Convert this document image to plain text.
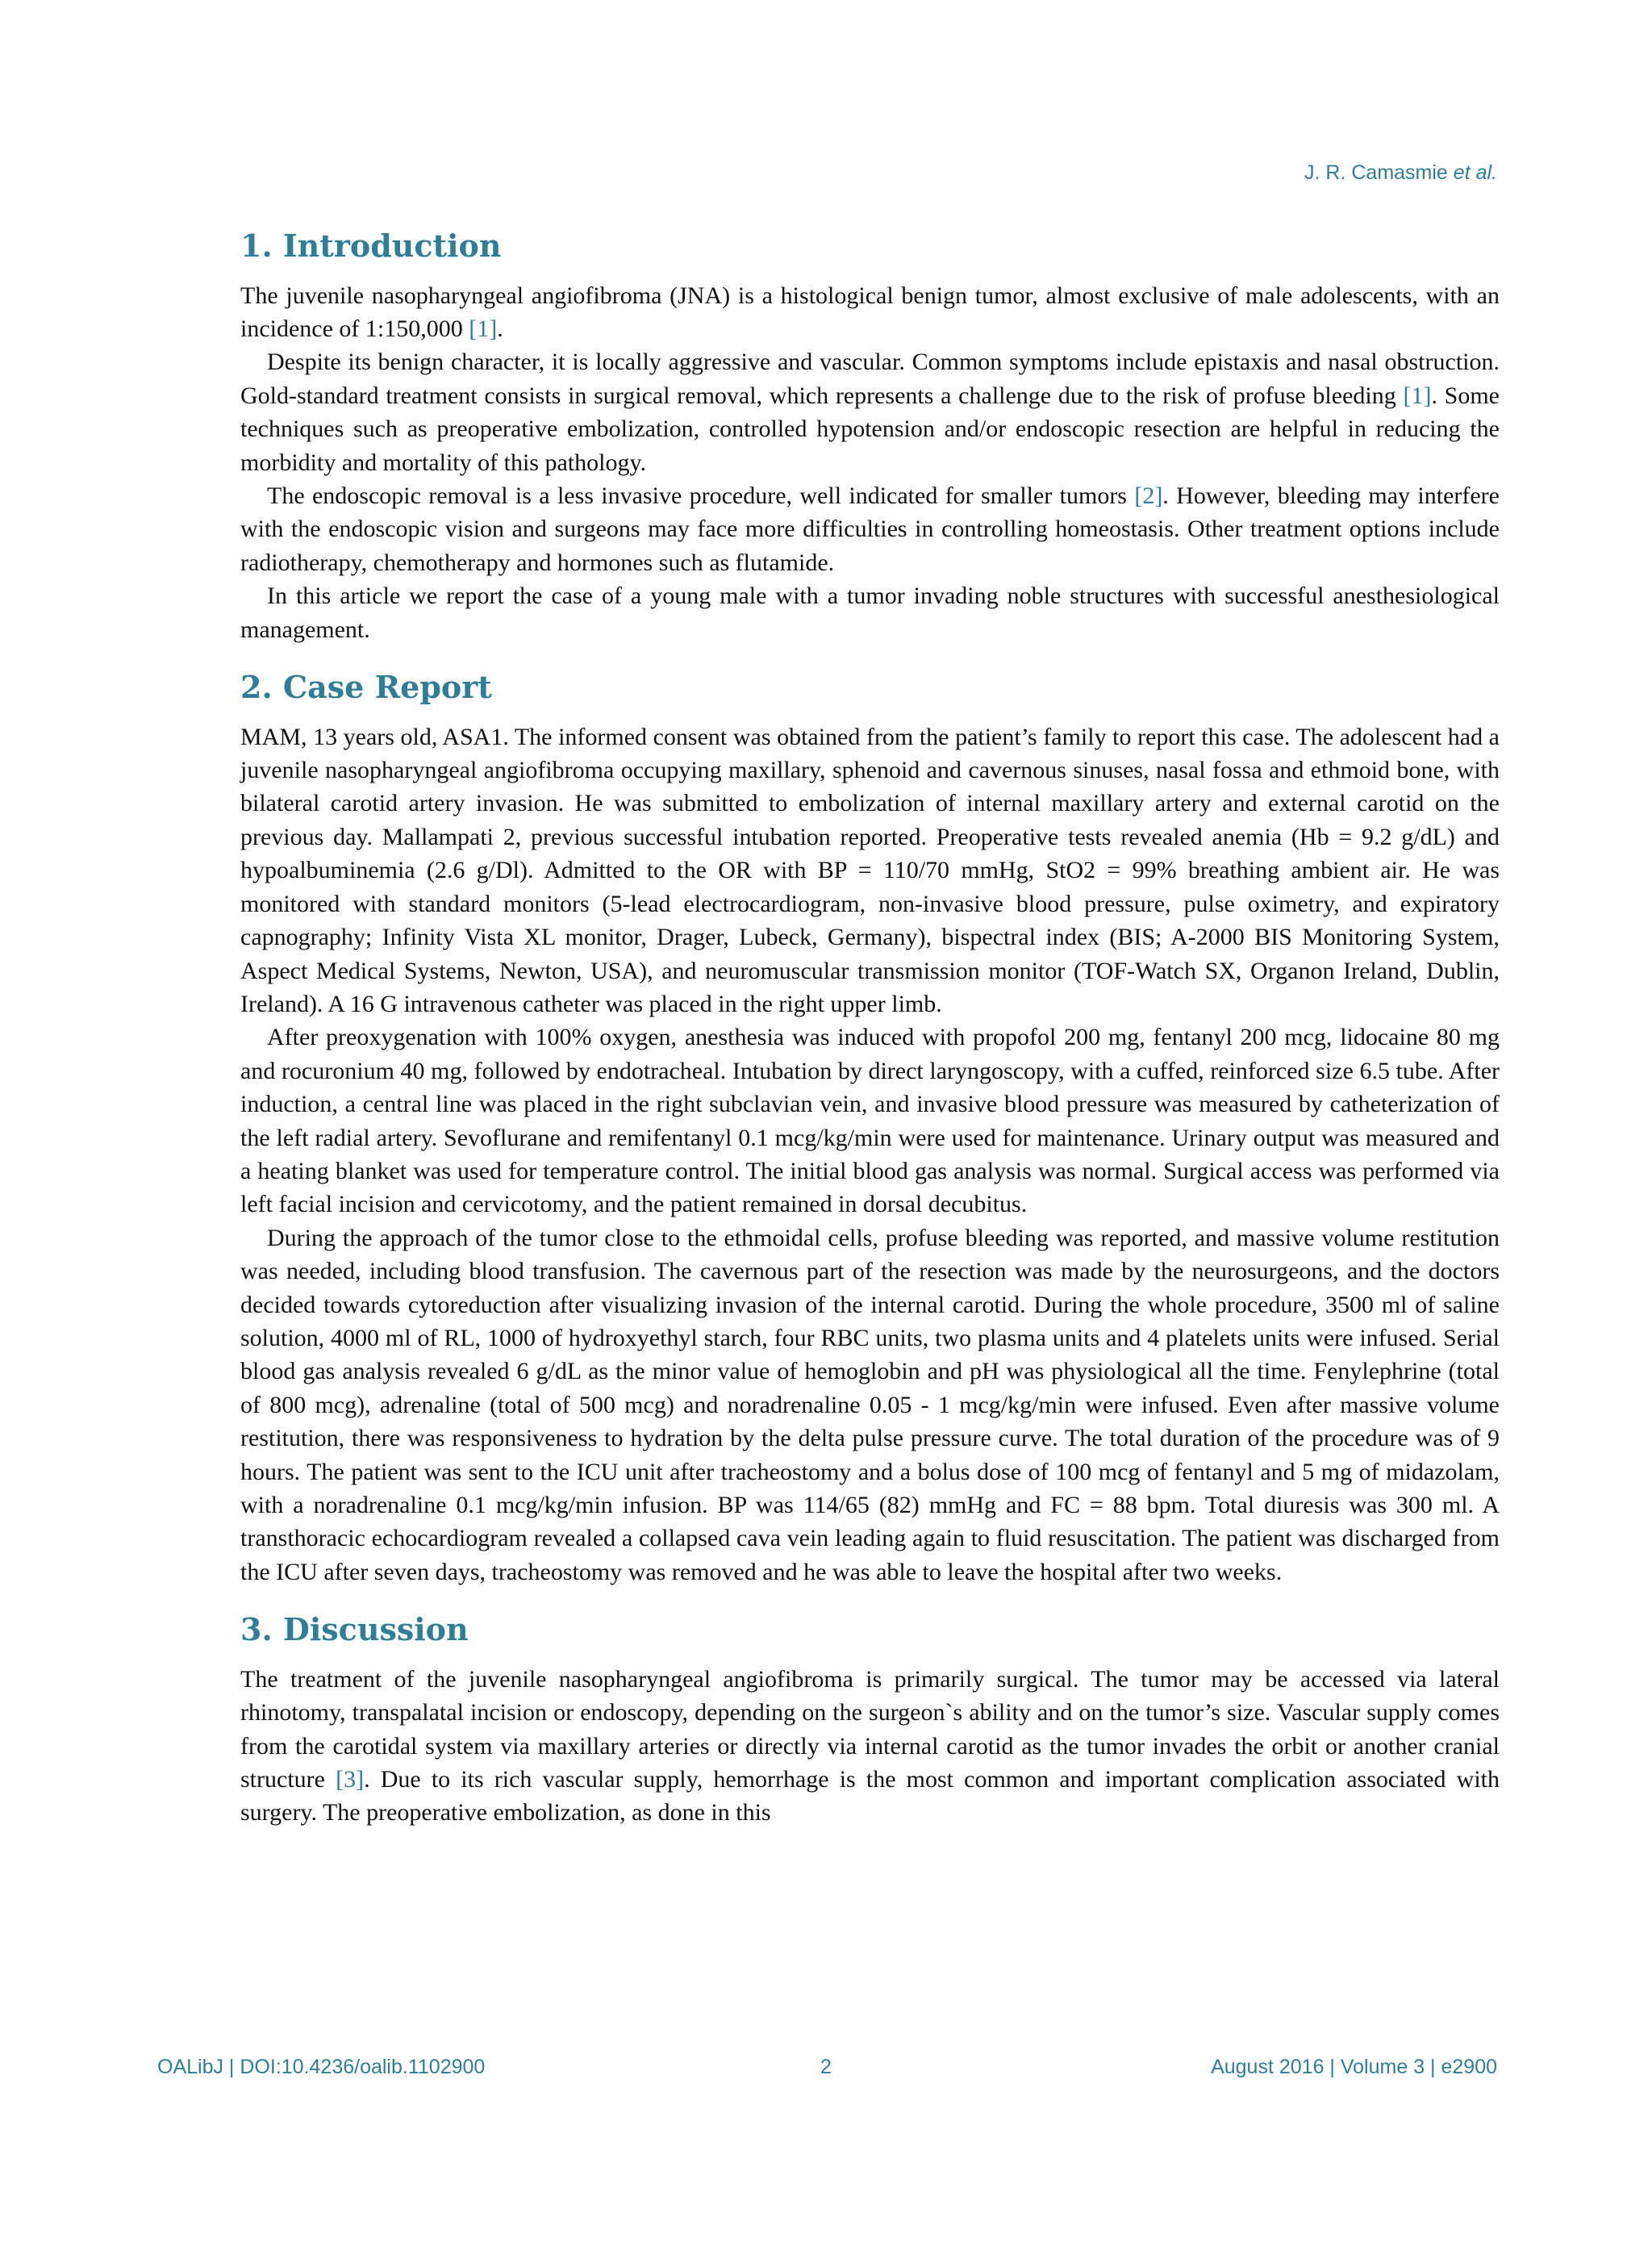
J. R. Camasmie et al.
1. Introduction

The juvenile nasopharyngeal angiofibroma (JNA) is a histological benign tumor, almost exclusive of male adolescents, with an incidence of 1:150,000 [1].

Despite its benign character, it is locally aggressive and vascular. Common symptoms include epistaxis and nasal obstruction. Gold-standard treatment consists in surgical removal, which represents a challenge due to the risk of profuse bleeding [1]. Some techniques such as preoperative embolization, controlled hypotension and/or endoscopic resection are helpful in reducing the morbidity and mortality of this pathology.

The endoscopic removal is a less invasive procedure, well indicated for smaller tumors [2]. However, bleeding may interfere with the endoscopic vision and surgeons may face more difficulties in controlling homeostasis. Other treatment options include radiotherapy, chemotherapy and hormones such as flutamide.

In this article we report the case of a young male with a tumor invading noble structures with successful anesthesiological management.

2. Case Report

MAM, 13 years old, ASA1. The informed consent was obtained from the patient’s family to report this case. The adolescent had a juvenile nasopharyngeal angiofibroma occupying maxillary, sphenoid and cavernous sinuses, nasal fossa and ethmoid bone, with bilateral carotid artery invasion. He was submitted to embolization of internal maxillary artery and external carotid on the previous day. Mallampati 2, previous successful intubation reported. Preoperative tests revealed anemia (Hb = 9.2 g/dL) and hypoalbuminemia (2.6 g/Dl). Admitted to the OR with BP = 110/70 mmHg, StO2 = 99% breathing ambient air. He was monitored with standard monitors (5-lead electrocardiogram, non-invasive blood pressure, pulse oximetry, and expiratory capnography; Infinity Vista XL monitor, Drager, Lubeck, Germany), bispectral index (BIS; A-2000 BIS Monitoring System, Aspect Medical Systems, Newton, USA), and neuromuscular transmission monitor (TOF-Watch SX, Organon Ireland, Dublin, Ireland). A 16 G intravenous catheter was placed in the right upper limb.

After preoxygenation with 100% oxygen, anesthesia was induced with propofol 200 mg, fentanyl 200 mcg, lidocaine 80 mg and rocuronium 40 mg, followed by endotracheal. Intubation by direct laryngoscopy, with a cuffed, reinforced size 6.5 tube. After induction, a central line was placed in the right subclavian vein, and invasive blood pressure was measured by catheterization of the left radial artery. Sevoflurane and remifentanyl 0.1 mcg/kg/min were used for maintenance. Urinary output was measured and a heating blanket was used for temperature control. The initial blood gas analysis was normal. Surgical access was performed via left facial incision and cervicotomy, and the patient remained in dorsal decubitus.

During the approach of the tumor close to the ethmoidal cells, profuse bleeding was reported, and massive volume restitution was needed, including blood transfusion. The cavernous part of the resection was made by the neurosurgeons, and the doctors decided towards cytoreduction after visualizing invasion of the internal carotid. During the whole procedure, 3500 ml of saline solution, 4000 ml of RL, 1000 of hydroxyethyl starch, four RBC units, two plasma units and 4 platelets units were infused. Serial blood gas analysis revealed 6 g/dL as the minor value of hemoglobin and pH was physiological all the time. Fenylephrine (total of 800 mcg), adrenaline (total of 500 mcg) and noradrenaline 0.05 - 1 mcg/kg/min were infused. Even after massive volume restitution, there was responsiveness to hydration by the delta pulse pressure curve. The total duration of the procedure was of 9 hours. The patient was sent to the ICU unit after tracheostomy and a bolus dose of 100 mcg of fentanyl and 5 mg of midazolam, with a noradrenaline 0.1 mcg/kg/min infusion. BP was 114/65 (82) mmHg and FC = 88 bpm. Total diuresis was 300 ml. A transthoracic echocardiogram revealed a collapsed cava vein leading again to fluid resuscitation. The patient was discharged from the ICU after seven days, tracheostomy was removed and he was able to leave the hospital after two weeks.

3. Discussion

The treatment of the juvenile nasopharyngeal angiofibroma is primarily surgical. The tumor may be accessed via lateral rhinotomy, transpalatal incision or endoscopy, depending on the surgeon`s ability and on the tumor’s size. Vascular supply comes from the carotidal system via maxillary arteries or directly via internal carotid as the tumor invades the orbit or another cranial structure [3]. Due to its rich vascular supply, hemorrhage is the most common and important complication associated with surgery. The preoperative embolization, as done in this

OALibJ | DOI:10.4236/oalib.1102900	2	August 2016 | Volume 3 | e2900
